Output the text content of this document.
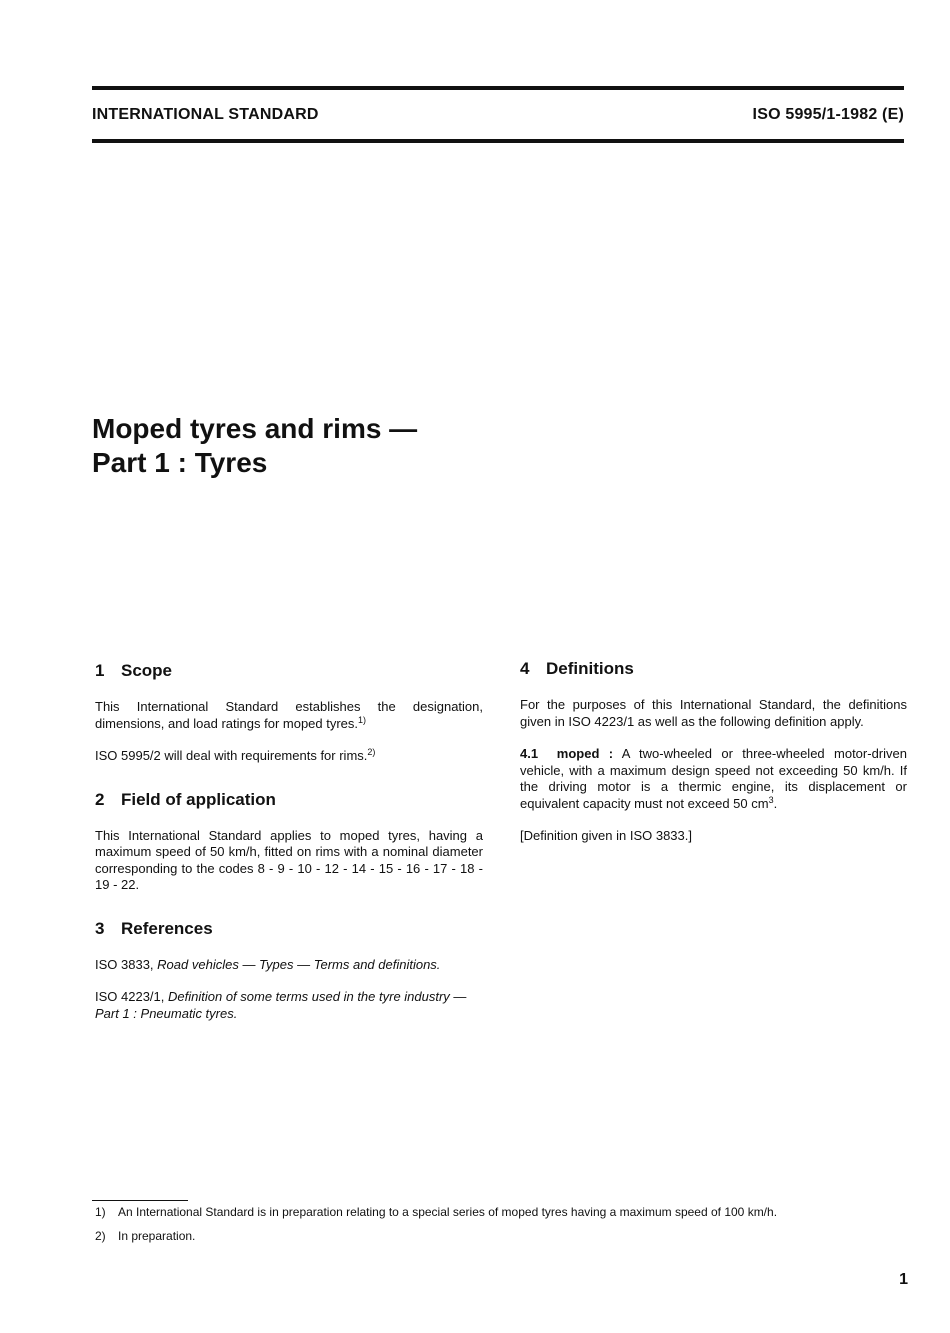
INTERNATIONAL STANDARD	ISO 5995/1-1982 (E)
Moped tyres and rims —
Part 1 : Tyres
1 Scope

This International Standard establishes the designation, dimensions, and load ratings for moped tyres.$^{1)}$

ISO 5995/2 will deal with requirements for rims.$^{2)}$

2 Field of application

This International Standard applies to moped tyres, having a maximum speed of 50 km/h, fitted on rims with a nominal diameter corresponding to the codes 8 - 9 - 10 - 12 - 14 - 15 - 16 - 17 - 18 - 19 - 22.

3 References

ISO 3833, Road vehicles — Types — Terms and definitions.

ISO 4223/1, Definition of some terms used in the tyre industry — Part 1 : Pneumatic tyres.

4 Definitions

For the purposes of this International Standard, the definitions given in ISO 4223/1 as well as the following definition apply.

4.1 moped : A two-wheeled or three-wheeled motor-driven vehicle, with a maximum design speed not exceeding 50 km/h. If the driving motor is a thermic engine, its displacement or equivalent capacity must not exceed 50 $cm^3$.

[Definition given in ISO 3833.]

1) An International Standard is in preparation relating to a special series of moped tyres having a maximum speed of 100 km/h.

2) In preparation.

1
